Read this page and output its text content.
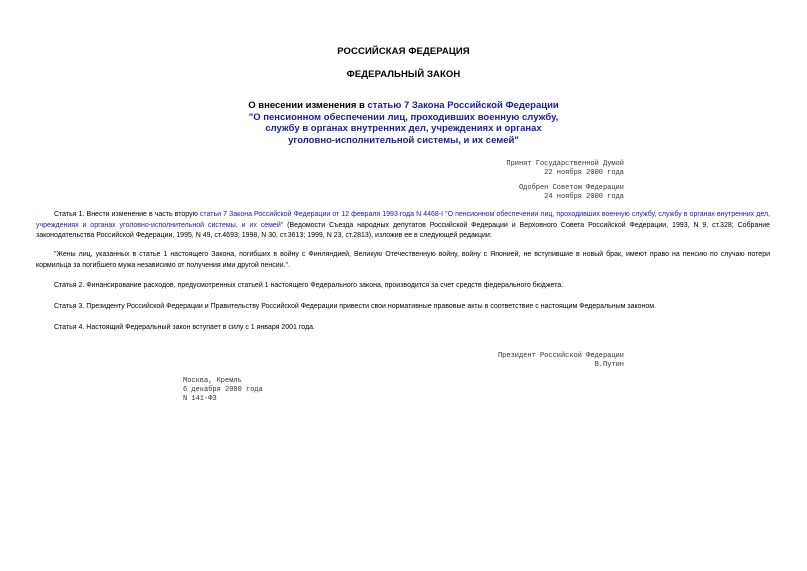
РОССИЙСКАЯ ФЕДЕРАЦИЯ
ФЕДЕРАЛЬНЫЙ ЗАКОН
О внесении изменения в статью 7 Закона Российской Федерации
"О пенсионном обеспечении лиц, проходивших военную службу,
службу в органах внутренних дел, учреждениях и органах
уголовно-исполнительной системы, и их семей"
Принят Государственной Думой
22 ноября 2000 года
Одобрен Советом Федерации
24 ноября 2000 года
Статья 1. Внести изменение в часть вторую статьи 7 Закона Российской Федерации от 12 февраля 1993 года N 4468-I "О пенсионном обеспечении лиц, проходивших военную службу, службу в органах внутренних дел, учреждениях и органах уголовно-исполнительной системы, и их семей" (Ведомости Съезда народных депутатов Российской Федерации и Верховного Совета Российской Федерации, 1993, N 9, ст.328; Собрание законодательства Российской Федерации, 1995, N 49, ст.4693; 1998, N 30, ст.3613; 1999, N 23, ст.2813), изложив ее в следующей редакции:
"Жены лиц, указанных в статье 1 настоящего Закона, погибших в войну с Финляндией, Великую Отечественную войну, войну с Японией, не вступившие в новый брак, имеют право на пенсию по случаю потери кормильца за погибшего мужа независимо от получения ими другой пенсии.".
Статья 2. Финансирование расходов, предусмотренных статьей 1 настоящего Федерального закона, производится за счет средств федерального бюджета.
Статья 3. Президенту Российской Федерации и Правительству Российской Федерации привести свои нормативные правовые акты в соответствие с настоящим Федеральным законом.
Статья 4. Настоящий Федеральный закон вступает в силу с 1 января 2001 года.
Президент Российской Федерации
В.Путин
Москва, Кремль
6 декабря 2000 года
N 141-ФЗ
